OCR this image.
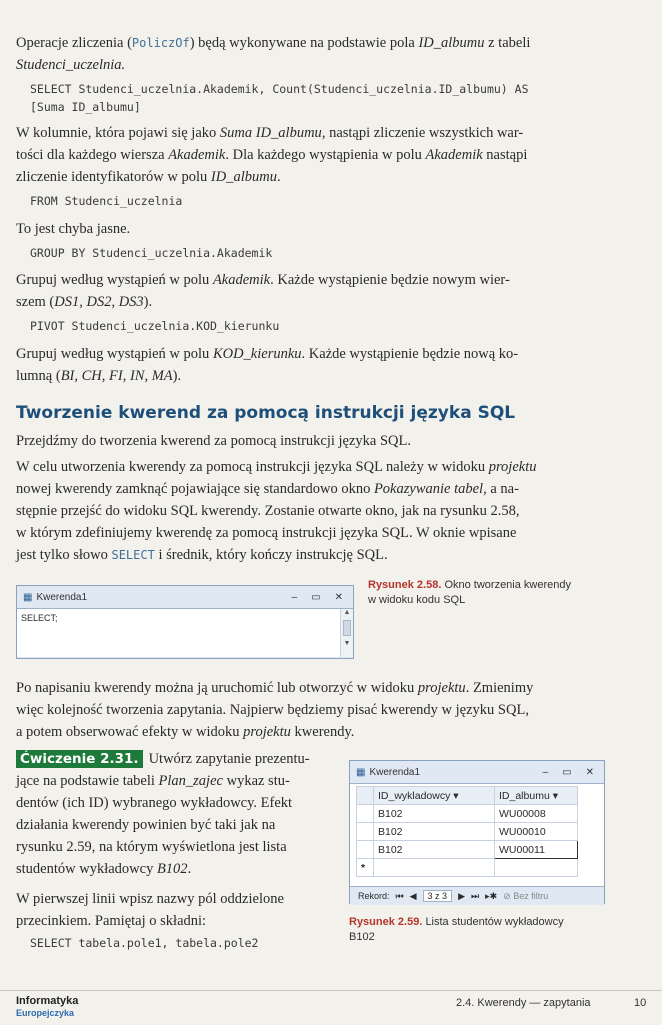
Operacje zliczenia (PoliczOf) będą wykonywane na podstawie pola ID_albumu z tabeli
Studenci_uczelnia.

SELECT Studenci_uczelnia.Akademik, Count(Studenci_uczelnia.ID_albumu) AS
[Suma ID_albumu]

W kolumnie, która pojawi się jako Suma ID_albumu, nastąpi zliczenie wszystkich war-
tości dla każdego wiersza Akademik. Dla każdego wystąpienia w polu Akademik nastąpi
zliczenie identyfikatorów w polu ID_albumu.

FROM Studenci_uczelnia

To jest chyba jasne.

GROUP BY Studenci_uczelnia.Akademik

Grupuj według wystąpień w polu Akademik. Każde wystąpienie będzie nowym wier-
szem (DS1, DS2, DS3).

PIVOT Studenci_uczelnia.KOD_kierunku

Grupuj według wystąpień w polu KOD_kierunku. Każde wystąpienie będzie nową ko-
lumną (BI, CH, FI, IN, MA).

Tworzenie kwerend za pomocą instrukcji języka SQL

Przejdźmy do tworzenia kwerend za pomocą instrukcji języka SQL.

W celu utworzenia kwerendy za pomocą instrukcji języka SQL należy w widoku projektu
nowej kwerendy zamknąć pojawiające się standardowo okno Pokazywanie tabel, a na-
stępnie przejść do widoku SQL kwerendy. Zostanie otwarte okno, jak na rysunku 2.58,
w którym zdefiniujemy kwerendę za pomocą instrukcji języka SQL. W oknie wpisane
jest tylko słowo SELECT i średnik, który kończy instrukcję SQL.

▦ Kwerenda1	– ▭ ✕
SELECT;
▲
▼
Rysunek 2.58. Okno tworzenia kwerendy
w widoku kodu SQL

Po napisaniu kwerendy można ją uruchomić lub otworzyć w widoku projektu. Zmienimy
więc kolejność tworzenia zapytania. Najpierw będziemy pisać kwerendy w języku SQL,
a potem obserwować efekty w widoku projektu kwerendy.

Ćwiczenie 2.31. Utwórz zapytanie prezentu-
jące na podstawie tabeli Plan_zajec wykaz stu-
dentów (ich ID) wybranego wykładowcy. Efekt
działania kwerendy powinien być taki jak na
rysunku 2.59, na którym wyświetlona jest lista
studentów wykładowcy B102.
W pierwszej linii wpisz nazwy pól oddzielone
przecinkiem. Pamiętaj o składni:
SELECT tabela.pole1, tabela.pole2
▦ Kwerenda1	– ▭ ✕
	ID_wykladowcy ▾	ID_albumu ▾
	B102	WU00008
	B102	WU00010
	B102	WU00011
*		
Rekord: ⏮ ◀	3 z 3	▶ ⏭ ▸✱ ⊘ Bez filtru
Rysunek 2.59. Lista studentów wykładowcy
B102
Informatyka
Europejczyka
2.4. Kwerendy — zapytania	10
